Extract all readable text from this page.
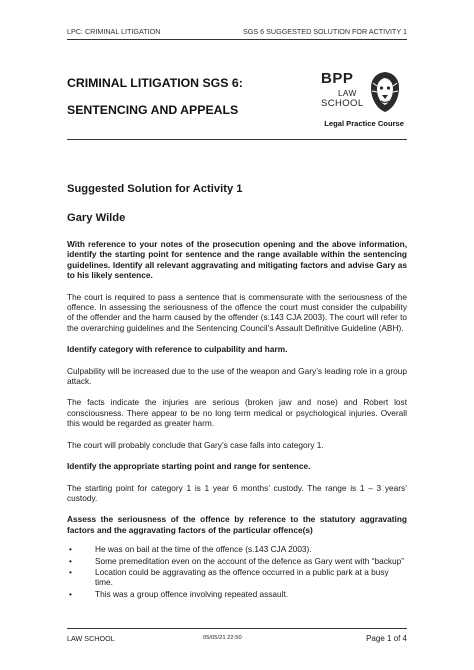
LPC: CRIMINAL LITIGATION	SGS 6 SUGGESTED SOLUTION FOR ACTIVITY 1

CRIMINAL LITIGATION SGS 6:

SENTENCING AND APPEALS

BPP
LAW
SCHOOL
Legal Practice Course

Suggested Solution for Activity 1

Gary Wilde

With reference to your notes of the prosecution opening and the above information, identify the starting point for sentence and the range available within the sentencing guidelines. Identify all relevant aggravating and mitigating factors and advise Gary as to his likely sentence.

The court is required to pass a sentence that is commensurate with the seriousness of the offence. In assessing the seriousness of the offence the court must consider the culpability of the offender and the harm caused by the offender (s.143 CJA 2003). The court will refer to the overarching guidelines and the Sentencing Council’s Assault Definitive Guideline (ABH).

Identify category with reference to culpability and harm.

Culpability will be increased due to the use of the weapon and Gary’s leading role in a group attack.

The facts indicate the injuries are serious (broken jaw and nose) and Robert lost consciousness. There appear to be no long term medical or psychological injuries. Overall this would be regarded as greater harm.

The court will probably conclude that Gary’s case falls into category 1.

Identify the appropriate starting point and range for sentence.

The starting point for category 1 is 1 year 6 months’ custody. The range is 1 – 3 years’ custody.

Assess the seriousness of the offence by reference to the statutory aggravating factors and the aggravating factors of the particular offence(s)

•	He was on bail at the time of the offence (s.143 CJA 2003).
•	Some premeditation even on the account of the defence as Gary went with “backup”
•	Location could be aggravating as the offence occurred in a public park at a busy time.
•	This was a group offence involving repeated assault.
LAW SCHOOL	05/05/21 22:50	Page 1 of 4
